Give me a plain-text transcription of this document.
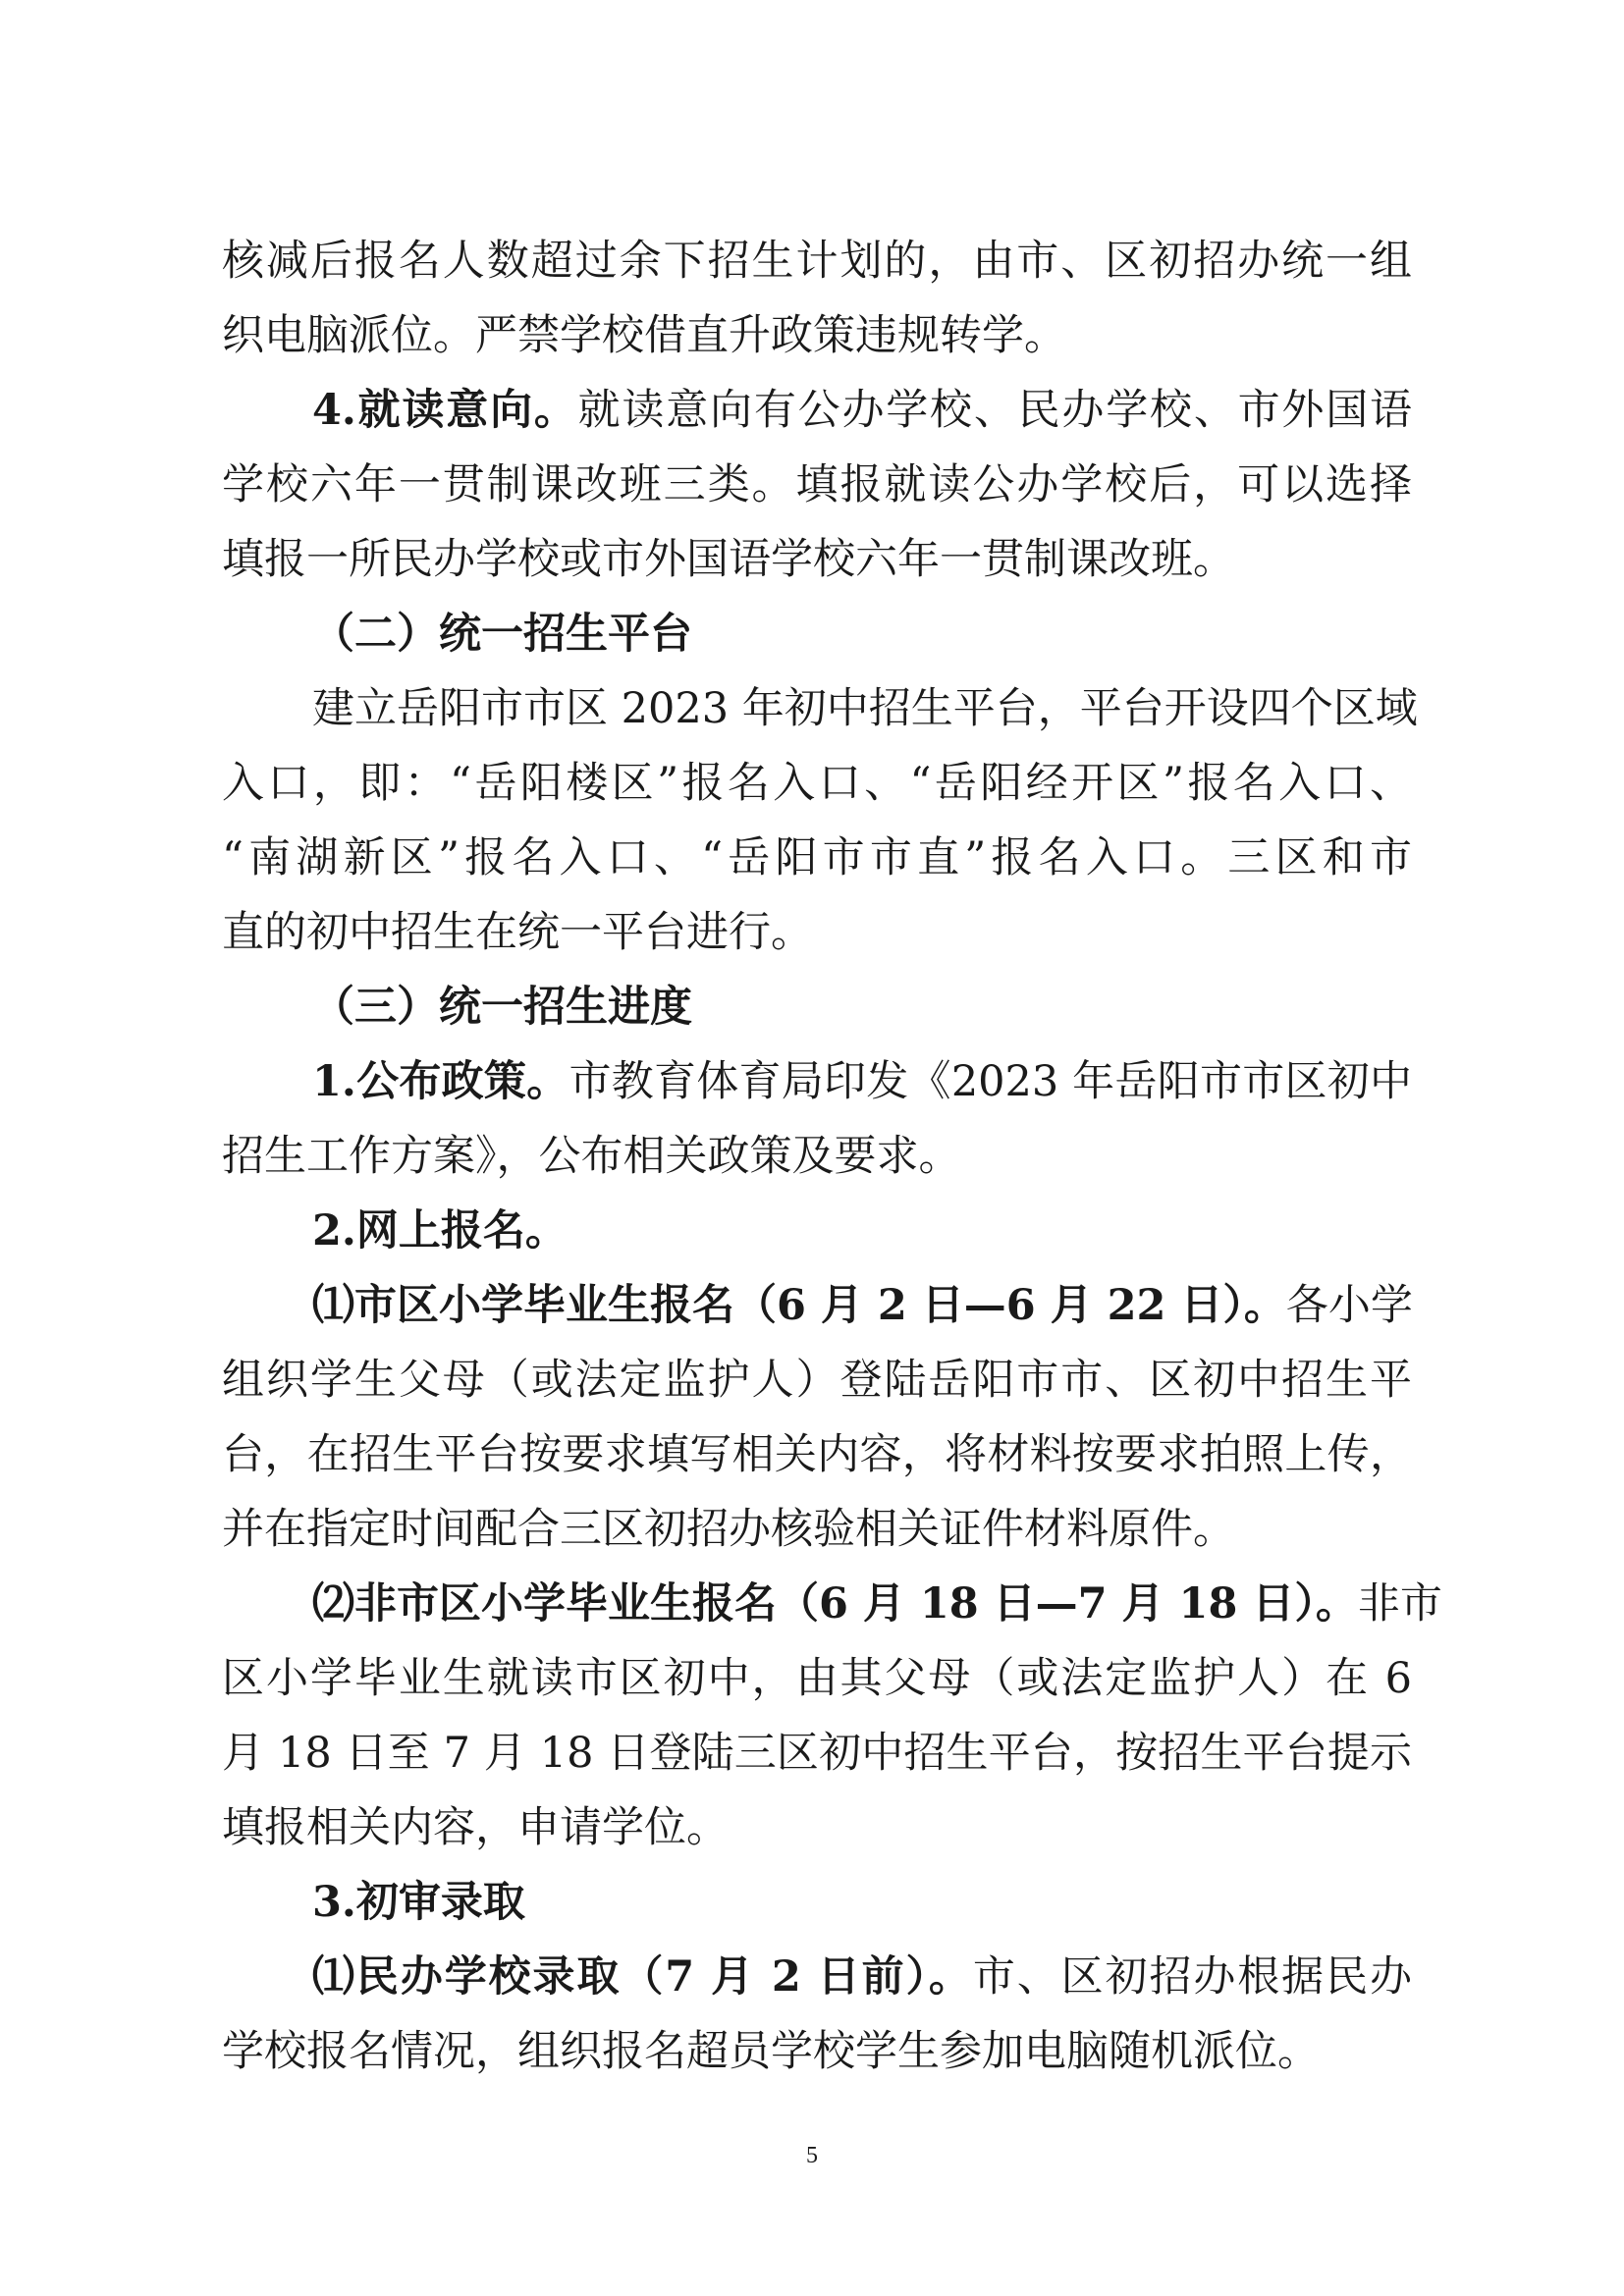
核减后报名人数超过余下招生计划的，由市、区初招办统一组
织电脑派位。严禁学校借直升政策违规转学。
4.就读意向。就读意向有公办学校、民办学校、市外国语
学校六年一贯制课改班三类。填报就读公办学校后，可以选择
填报一所民办学校或市外国语学校六年一贯制课改班。
（二）统一招生平台
建立岳阳市市区 2023 年初中招生平台，平台开设四个区域
入口，即：“岳阳楼区”报名入口、“岳阳经开区”报名入口、
“南湖新区”报名入口、“岳阳市市直”报名入口。三区和市
直的初中招生在统一平台进行。
（三）统一招生进度
1.公布政策。市教育体育局印发《2023 年岳阳市市区初中
招生工作方案》，公布相关政策及要求。
2.网上报名。
⑴市区小学毕业生报名（6 月 2 日—6 月 22 日）。各小学
组织学生父母（或法定监护人）登陆岳阳市市、区初中招生平
台，在招生平台按要求填写相关内容，将材料按要求拍照上传，
并在指定时间配合三区初招办核验相关证件材料原件。
⑵非市区小学毕业生报名（6 月 18 日—7 月 18 日）。非市
区小学毕业生就读市区初中，由其父母（或法定监护人）在 6
月 18 日至 7 月 18 日登陆三区初中招生平台，按招生平台提示
填报相关内容，申请学位。
3.初审录取
⑴民办学校录取（7 月 2 日前）。市、区初招办根据民办
学校报名情况，组织报名超员学校学生参加电脑随机派位。
5
